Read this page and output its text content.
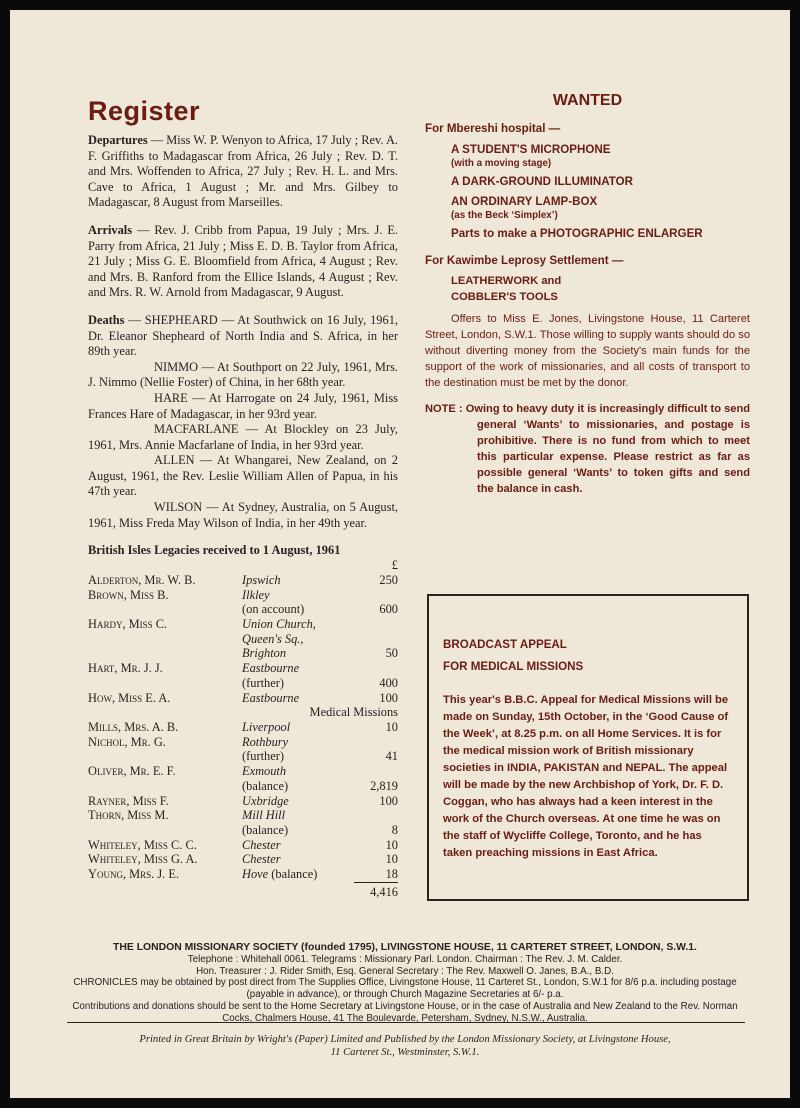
Register

Departures — Miss W. P. Wenyon to Africa, 17 July ; Rev. A. F. Griffiths to Madagascar from Africa, 26 July ; Rev. D. T. and Mrs. Woffenden to Africa, 27 July ; Rev. H. L. and Mrs. Cave to Africa, 1 August ; Mr. and Mrs. Gilbey to Madagascar, 8 August from Marseilles.

Arrivals — Rev. J. Cribb from Papua, 19 July ; Mrs. J. E. Parry from Africa, 21 July ; Miss E. D. B. Taylor from Africa, 21 July ; Miss G. E. Bloomfield from Africa, 4 August ; Rev. and Mrs. B. Ranford from the Ellice Islands, 4 August ; Rev. and Mrs. R. W. Arnold from Madagascar, 9 August.

Deaths — SHEPHEARD — At Southwick on 16 July, 1961, Dr. Eleanor Shepheard of North India and S. Africa, in her 89th year.

NIMMO — At Southport on 22 July, 1961, Mrs. J. Nimmo (Nellie Foster) of China, in her 68th year.

HARE — At Harrogate on 24 July, 1961, Miss Frances Hare of Madagascar, in her 93rd year.

MACFARLANE — At Blockley on 23 July, 1961, Mrs. Annie Macfarlane of India, in her 93rd year.

ALLEN — At Whangarei, New Zealand, on 2 August, 1961, the Rev. Leslie William Allen of Papua, in his 47th year.

WILSON — At Sydney, Australia, on 5 August, 1961, Miss Freda May Wilson of India, in her 49th year.

British Isles Legacies received to 1 August, 1961

		£
Alderton, Mr. W. B.	Ipswich	250
Brown, Miss B.	Ilkley	
	(on account)	600
Hardy, Miss C.	Union Church,	
	Queen's Sq.,	
	Brighton	50
Hart, Mr. J. J.	Eastbourne	
	(further)	400
How, Miss E. A.	Eastbourne	100
	Medical Missions	
Mills, Mrs. A. B.	Liverpool	10
Nichol, Mr. G.	Rothbury	
	(further)	41
Oliver, Mr. E. F.	Exmouth	
	(balance)	2,819
Rayner, Miss F.	Uxbridge	100
Thorn, Miss M.	Mill Hill	
	(balance)	8
Whiteley, Miss C. C.	Chester	10
Whiteley, Miss G. A.	Chester	10
Young, Mrs. J. E.	Hove (balance)	18
4,416

WANTED

For Mbereshi hospital —

A STUDENT'S MICROPHONE

(with a moving stage)

A DARK-GROUND ILLUMINATOR

AN ORDINARY LAMP-BOX

(as the Beck ‘Simplex’)

Parts to make a PHOTOGRAPHIC ENLARGER

For Kawimbe Leprosy Settlement —

LEATHERWORK and

COBBLER'S TOOLS

Offers to Miss E. Jones, Livingstone House, 11 Carteret Street, London, S.W.1. Those willing to supply wants should do so without diverting money from the Society's main funds for the support of the work of missionaries, and all costs of transport to the destination must be met by the donor.

NOTE : Owing to heavy duty it is increasingly difficult to send general ‘Wants’ to missionaries, and postage is prohibitive. There is no fund from which to meet this particular expense. Please restrict as far as possible general ‘Wants’ to token gifts and send the balance in cash.

BROADCAST APPEAL

FOR MEDICAL MISSIONS

This year's B.B.C. Appeal for Medical Missions will be made on Sunday, 15th October, in the ‘Good Cause of the Week’, at 8.25 p.m. on all Home Services. It is for the medical mission work of British missionary societies in INDIA, PAKISTAN and NEPAL. The appeal will be made by the new Archbishop of York, Dr. F. D. Coggan, who has always had a keen interest in the work of the Church overseas. At one time he was on the staff of Wycliffe College, Toronto, and he has taken preaching missions in East Africa.

THE LONDON MISSIONARY SOCIETY (founded 1795), LIVINGSTONE HOUSE, 11 CARTERET STREET, LONDON, S.W.1.
Telephone : Whitehall 0061. Telegrams : Missionary Parl. London. Chairman : The Rev. J. M. Calder.
Hon. Treasurer : J. Rider Smith, Esq. General Secretary : The Rev. Maxwell O. Janes, B.A., B.D.
CHRONICLES may be obtained by post direct from The Supplies Office, Livingstone House, 11 Carteret St., London, S.W.1 for 8/6 p.a. including postage (payable in advance), or through Church Magazine Secretaries at 6/- p.a.
Contributions and donations should be sent to the Home Secretary at Livingstone House, or in the case of Australia and New Zealand to the Rev. Norman Cocks, Chalmers House, 41 The Boulevarde, Petersham, Sydney, N.S.W., Australia.
Printed in Great Britain by Wright's (Paper) Limited and Published by the London Missionary Society, at Livingstone House,
11 Carteret St., Westminster, S.W.1.
